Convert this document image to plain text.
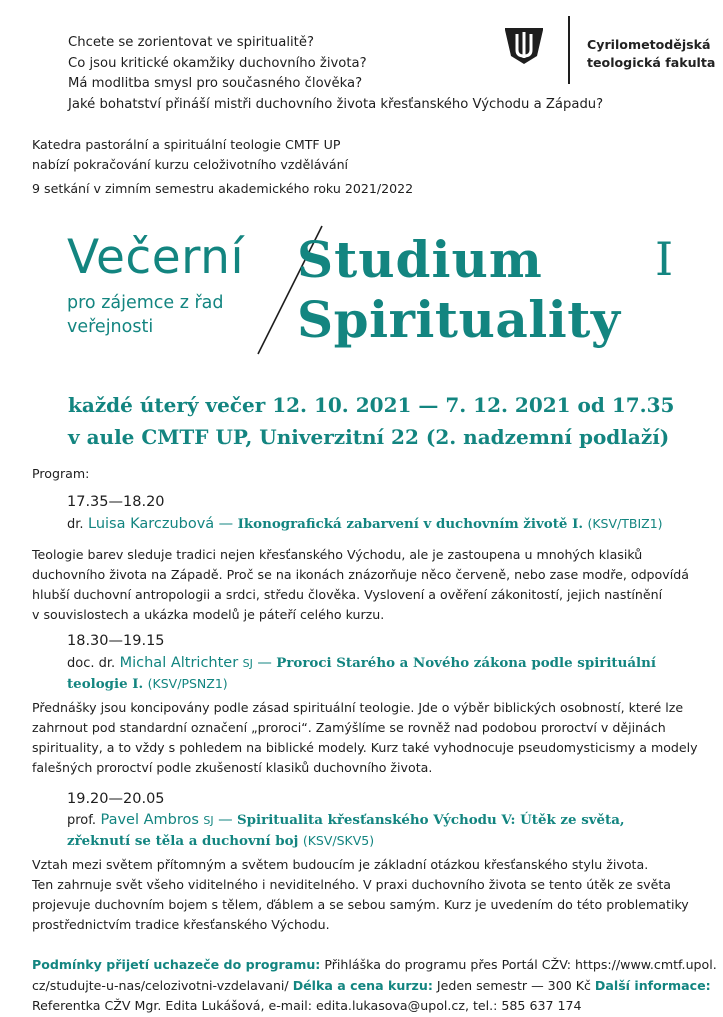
Chcete se zorientovat ve spiritualitě?
Co jsou kritické okamžiky duchovního života?
Má modlitba smysl pro současného člověka?
Jaké bohatství přináší mistři duchovního života křesťanského Východu a Západu?
Cyrilometodějská
teologická fakulta
Katedra pastorální a spirituální teologie CMTF UP
nabízí pokračování kurzu celoživotního vzdělávání
9 setkání v zimním semestru akademického roku 2021/2022
Večerní
pro zájemce z řad
veřejnosti
Studium I
Spirituality
každé úterý večer 12. 10. 2021 — 7. 12. 2021 od 17.35
v aule CMTF UP, Univerzitní 22 (2. nadzemní podlaží)
Program:
17.35—18.20
dr. Luisa Karczubová — Ikonografická zabarvení v duchovním životě I. (KSV/TBIZ1)
Teologie barev sleduje tradici nejen křesťanského Východu, ale je zastoupena u mnohých klasiků
duchovního života na Západě. Proč se na ikonách znázorňuje něco červeně, nebo zase modře, odpovídá
hlubší duchovní antropologii a srdci, středu člověka. Vyslovení a ověření zákonitostí, jejich nastínění
v souvislostech a ukázka modelů je páteří celého kurzu.
18.30—19.15
doc. dr. Michal Altrichter SJ — Proroci Starého a Nového zákona podle spirituální
teologie I. (KSV/PSNZ1)
Přednášky jsou koncipovány podle zásad spirituální teologie. Jde o výběr biblických osobností, které lze
zahrnout pod standardní označení „proroci“. Zamýšlíme se rovněž nad podobou proroctví v dějinách
spirituality, a to vždy s pohledem na biblické modely. Kurz také vyhodnocuje pseudomysticismy a modely
falešných proroctví podle zkušeností klasiků duchovního života.
19.20—20.05
prof. Pavel Ambros SJ — Spiritualita křesťanského Východu V: Útěk ze světa,
zřeknutí se těla a duchovní boj (KSV/SKV5)
Vztah mezi světem přítomným a světem budoucím je základní otázkou křesťanského stylu života.
Ten zahrnuje svět všeho viditelného i neviditelného. V praxi duchovního života se tento útěk ze světa
projevuje duchovním bojem s tělem, ďáblem a se sebou samým. Kurz je uvedením do této problematiky
prostřednictvím tradice křesťanského Východu.
Podmínky přijetí uchazeče do programu: Přihláška do programu přes Portál CŽV: https://www.cmtf.upol.
cz/studujte-u-nas/celozivotni-vzdelavani/ Délka a cena kurzu: Jeden semestr — 300 Kč Další informace:
Referentka CŽV Mgr. Edita Lukášová, e-mail: edita.lukasova@upol.cz, tel.: 585 637 174
